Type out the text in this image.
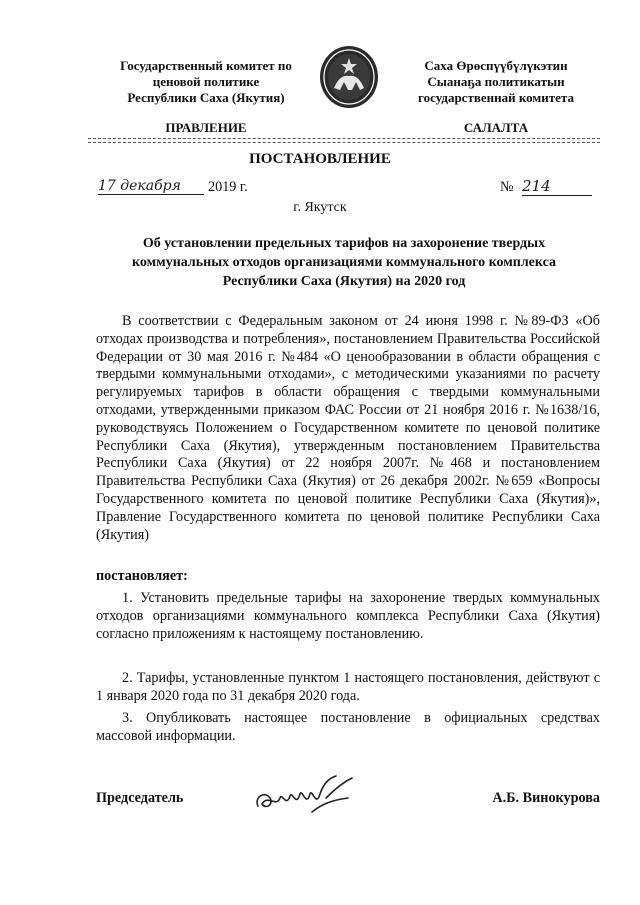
Государственный комитет по
ценовой политике
Республики Саха (Якутия)
Саха Өрөспүүбүлүкэтин
Сыанаҕа политикатын
государственнай комитета
ПРАВЛЕНИЕ	САЛАЛТА
ПОСТАНОВЛЕНИЕ
17 декабря	2019 г.	№ 214
г. Якутск
Об установлении предельных тарифов на захоронение твердых
коммунальных отходов организациями коммунального комплекса
Республики Саха (Якутия) на 2020 год
В соответствии с Федеральным законом от 24 июня 1998 г. №89-ФЗ «Об отходах производства и потребления», постановлением Правительства Российской Федерации от 30 мая 2016 г. №484 «О ценообразовании в области обращения с твердыми коммунальными отходами», с методическими указаниями по расчету регулируемых тарифов в области обращения с твердыми коммунальными отходами, утвержденными приказом ФАС России от 21 ноября 2016 г. №1638/16, руководствуясь Положением о Государственном комитете по ценовой политике Республики Саха (Якутия), утвержденным постановлением Правительства Республики Саха (Якутия) от 22 ноября 2007г. №468 и постановлением Правительства Республики Саха (Якутия) от 26 декабря 2002г. №659 «Вопросы Государственного комитета по ценовой политике Республики Саха (Якутия)», Правление Государственного комитета по ценовой политике Республики Саха (Якутия)
постановляет:
1. Установить предельные тарифы на захоронение твердых коммунальных отходов организациями коммунального комплекса Республики Саха (Якутия) согласно приложениям к настоящему постановлению.
2. Тарифы, установленные пунктом 1 настоящего постановления, действуют с 1 января 2020 года по 31 декабря 2020 года.
3. Опубликовать настоящее постановление в официальных средствах массовой информации.
Председатель	А.Б. Винокурова
